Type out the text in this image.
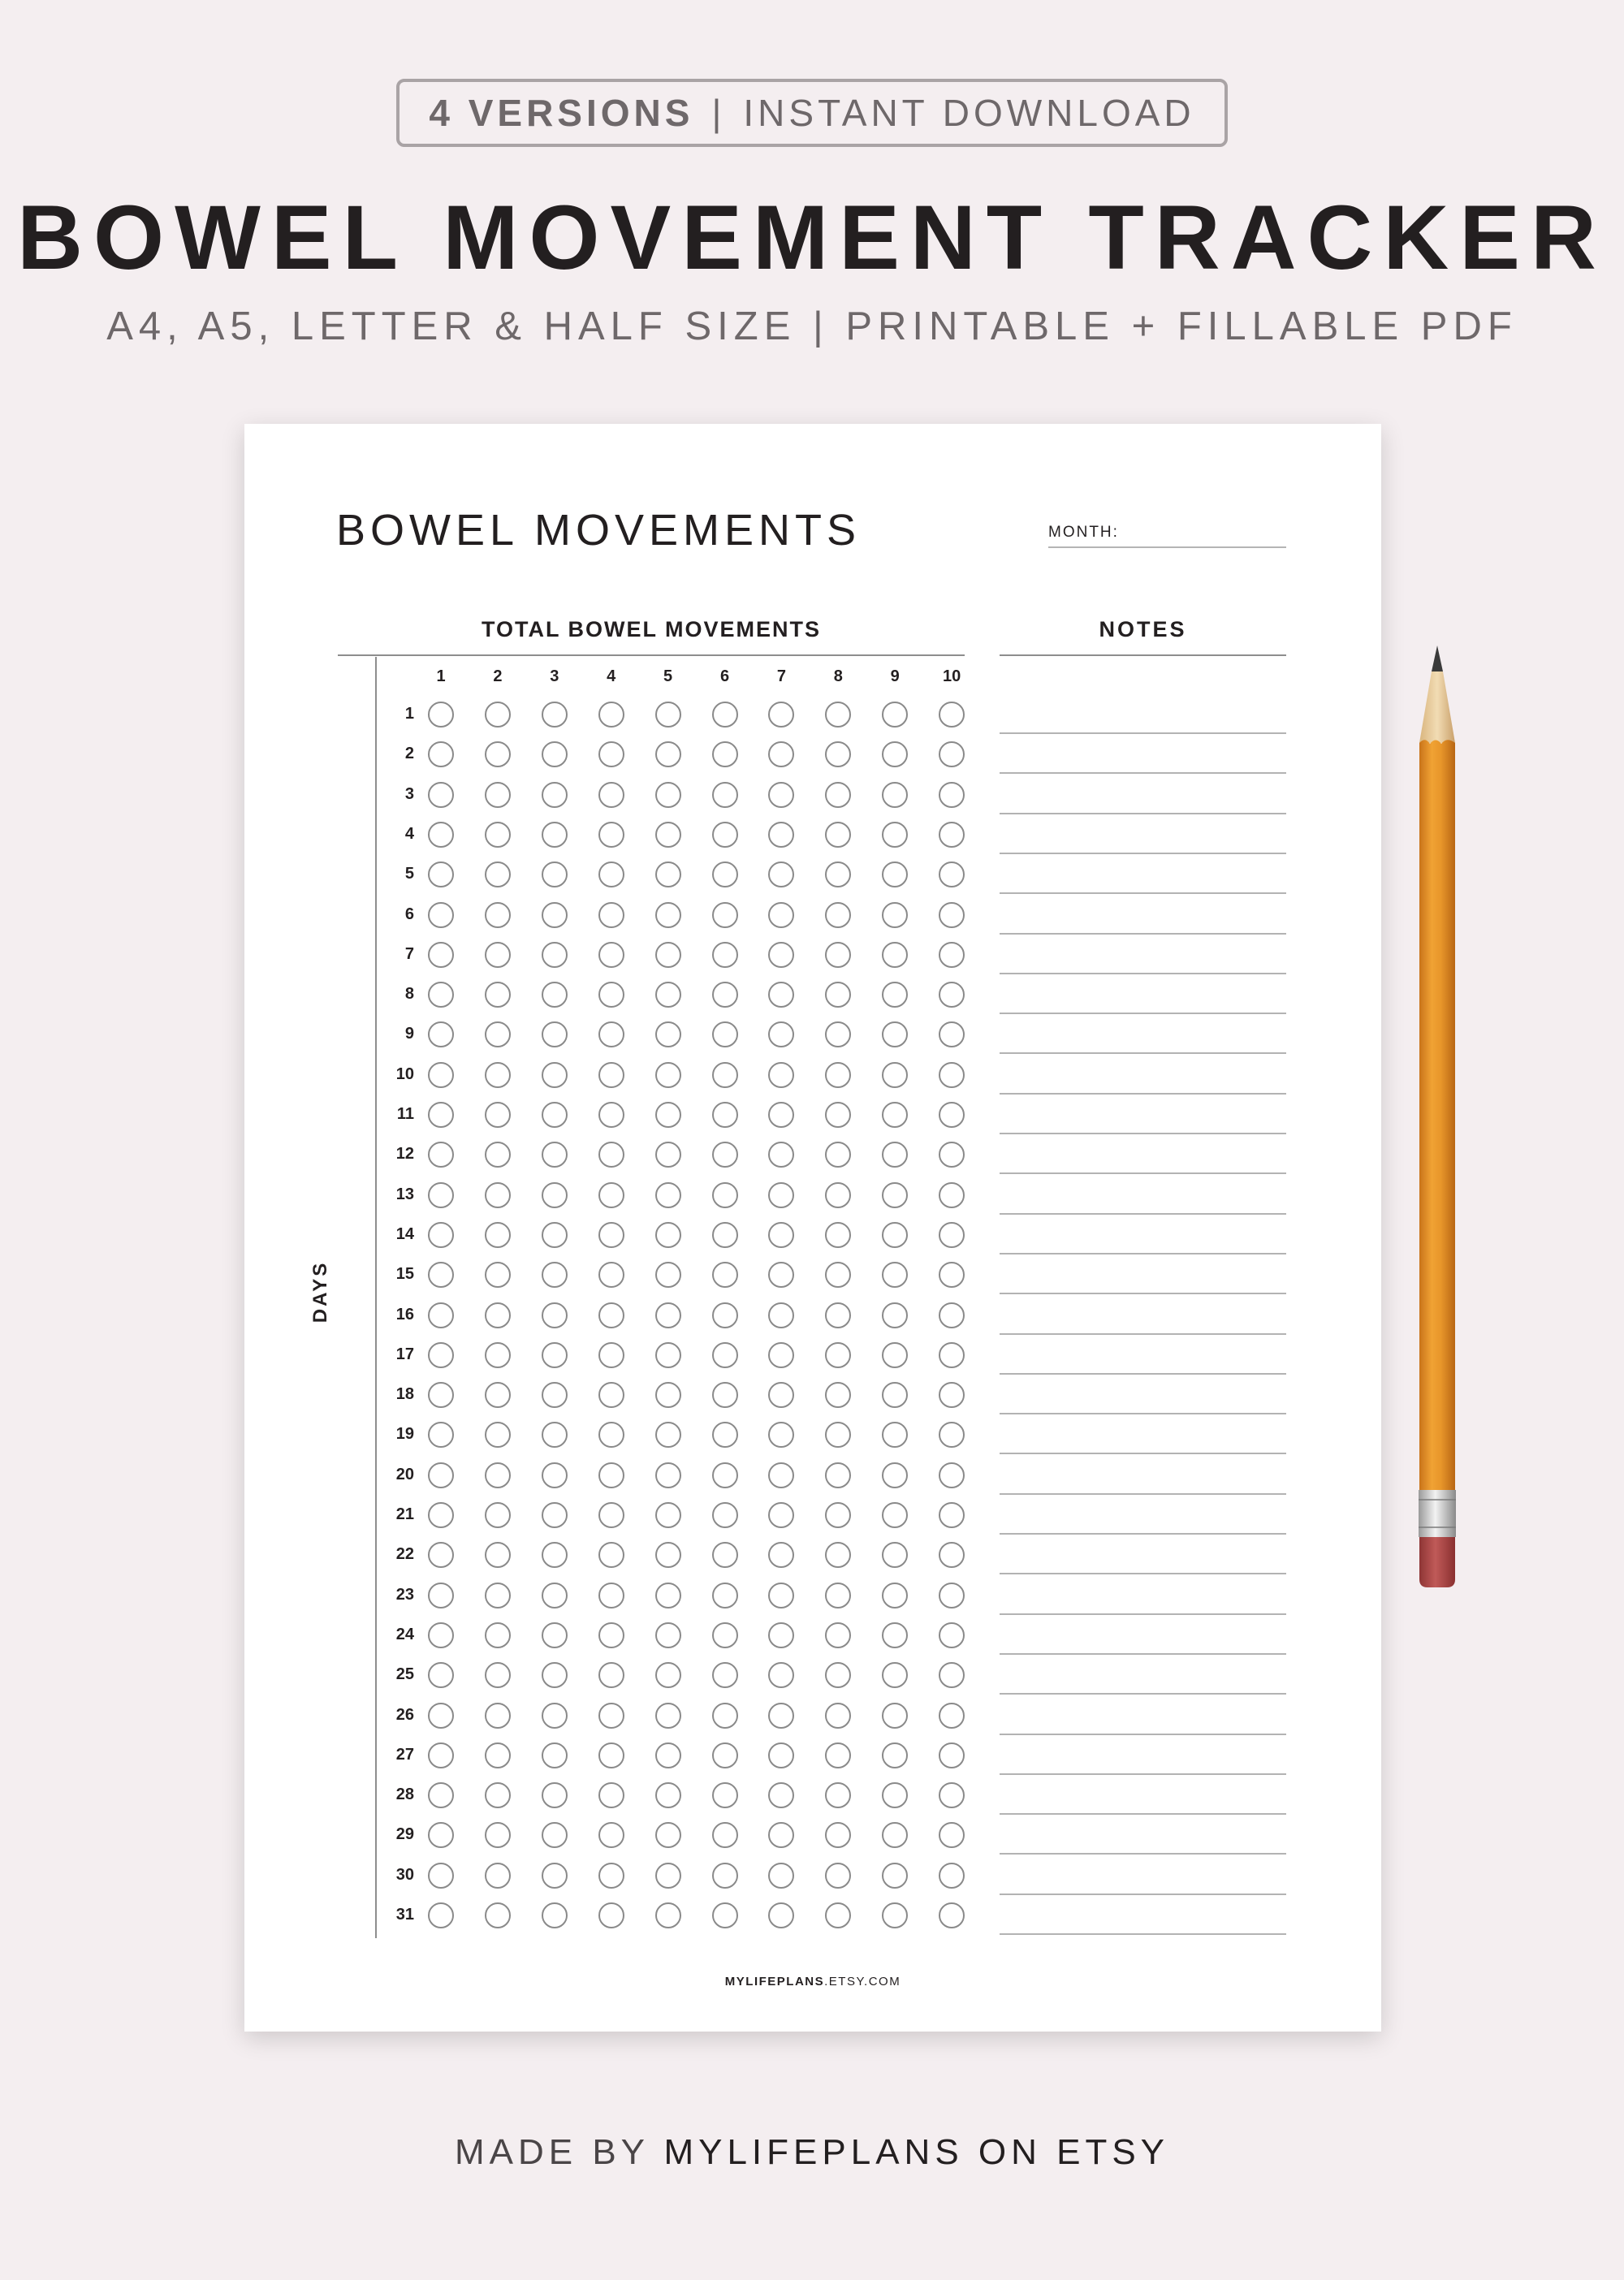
4 VERSIONS | INSTANT DOWNLOAD
BOWEL MOVEMENT TRACKER
A4, A5, LETTER & HALF SIZE | PRINTABLE + FILLABLE PDF
BOWEL MOVEMENTS	MONTH:
TOTAL BOWEL MOVEMENTS	NOTES
DAYS
1	2	3	4	5	6	7	8	9	10
1
2
3
4
5
6
7
8
9
10
11
12
13
14
15
16
17
18
19
20
21
22
23
24
25
26
27
28
29
30
31
MYLIFEPLANS.ETSY.COM
MADE BY MYLIFEPLANS ON ETSY
